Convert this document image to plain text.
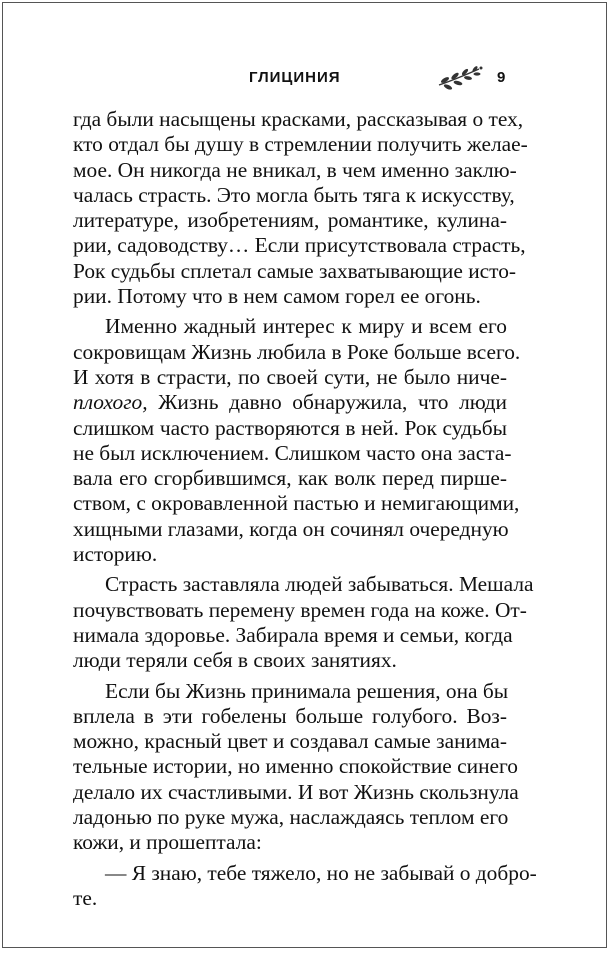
ГЛИЦИНИЯ	9
гда были насыщены красками, рассказывая о тех,
кто отдал бы душу в стремлении получить желае-
мое. Он никогда не вникал, в чем именно заклю-
чалась страсть. Это могла быть тяга к искусству,
литературе, изобретениям, романтике, кулина-
рии, садоводству… Если присутствовала страсть,
Рок судьбы сплетал самые захватывающие исто-
рии. Потому что в нем самом горел ее огонь.
Именно жадный интерес к миру и всем его
сокровищам Жизнь любила в Роке больше всего.
И хотя в страсти, по своей сути, не было ниче-
плохого, Жизнь давно обнаружила, что люди
слишком часто растворяются в ней. Рок судьбы
не был исключением. Слишком часто она заста-
вала его сгорбившимся, как волк перед пирше-
ством, с окровавленной пастью и немигающими,
хищными глазами, когда он сочинял очередную
историю.
Страсть заставляла людей забываться. Мешала
почувствовать перемену времен года на коже. От-
нимала здоровье. Забирала время и семьи, когда
люди теряли себя в своих занятиях.
Если бы Жизнь принимала решения, она бы
вплела в эти гобелены больше голубого. Воз-
можно, красный цвет и создавал самые занима-
тельные истории, но именно спокойствие синего
делало их счастливыми. И вот Жизнь скользнула
ладонью по руке мужа, наслаждаясь теплом его
кожи, и прошептала:
— Я знаю, тебе тяжело, но не забывай о добро-
те.
